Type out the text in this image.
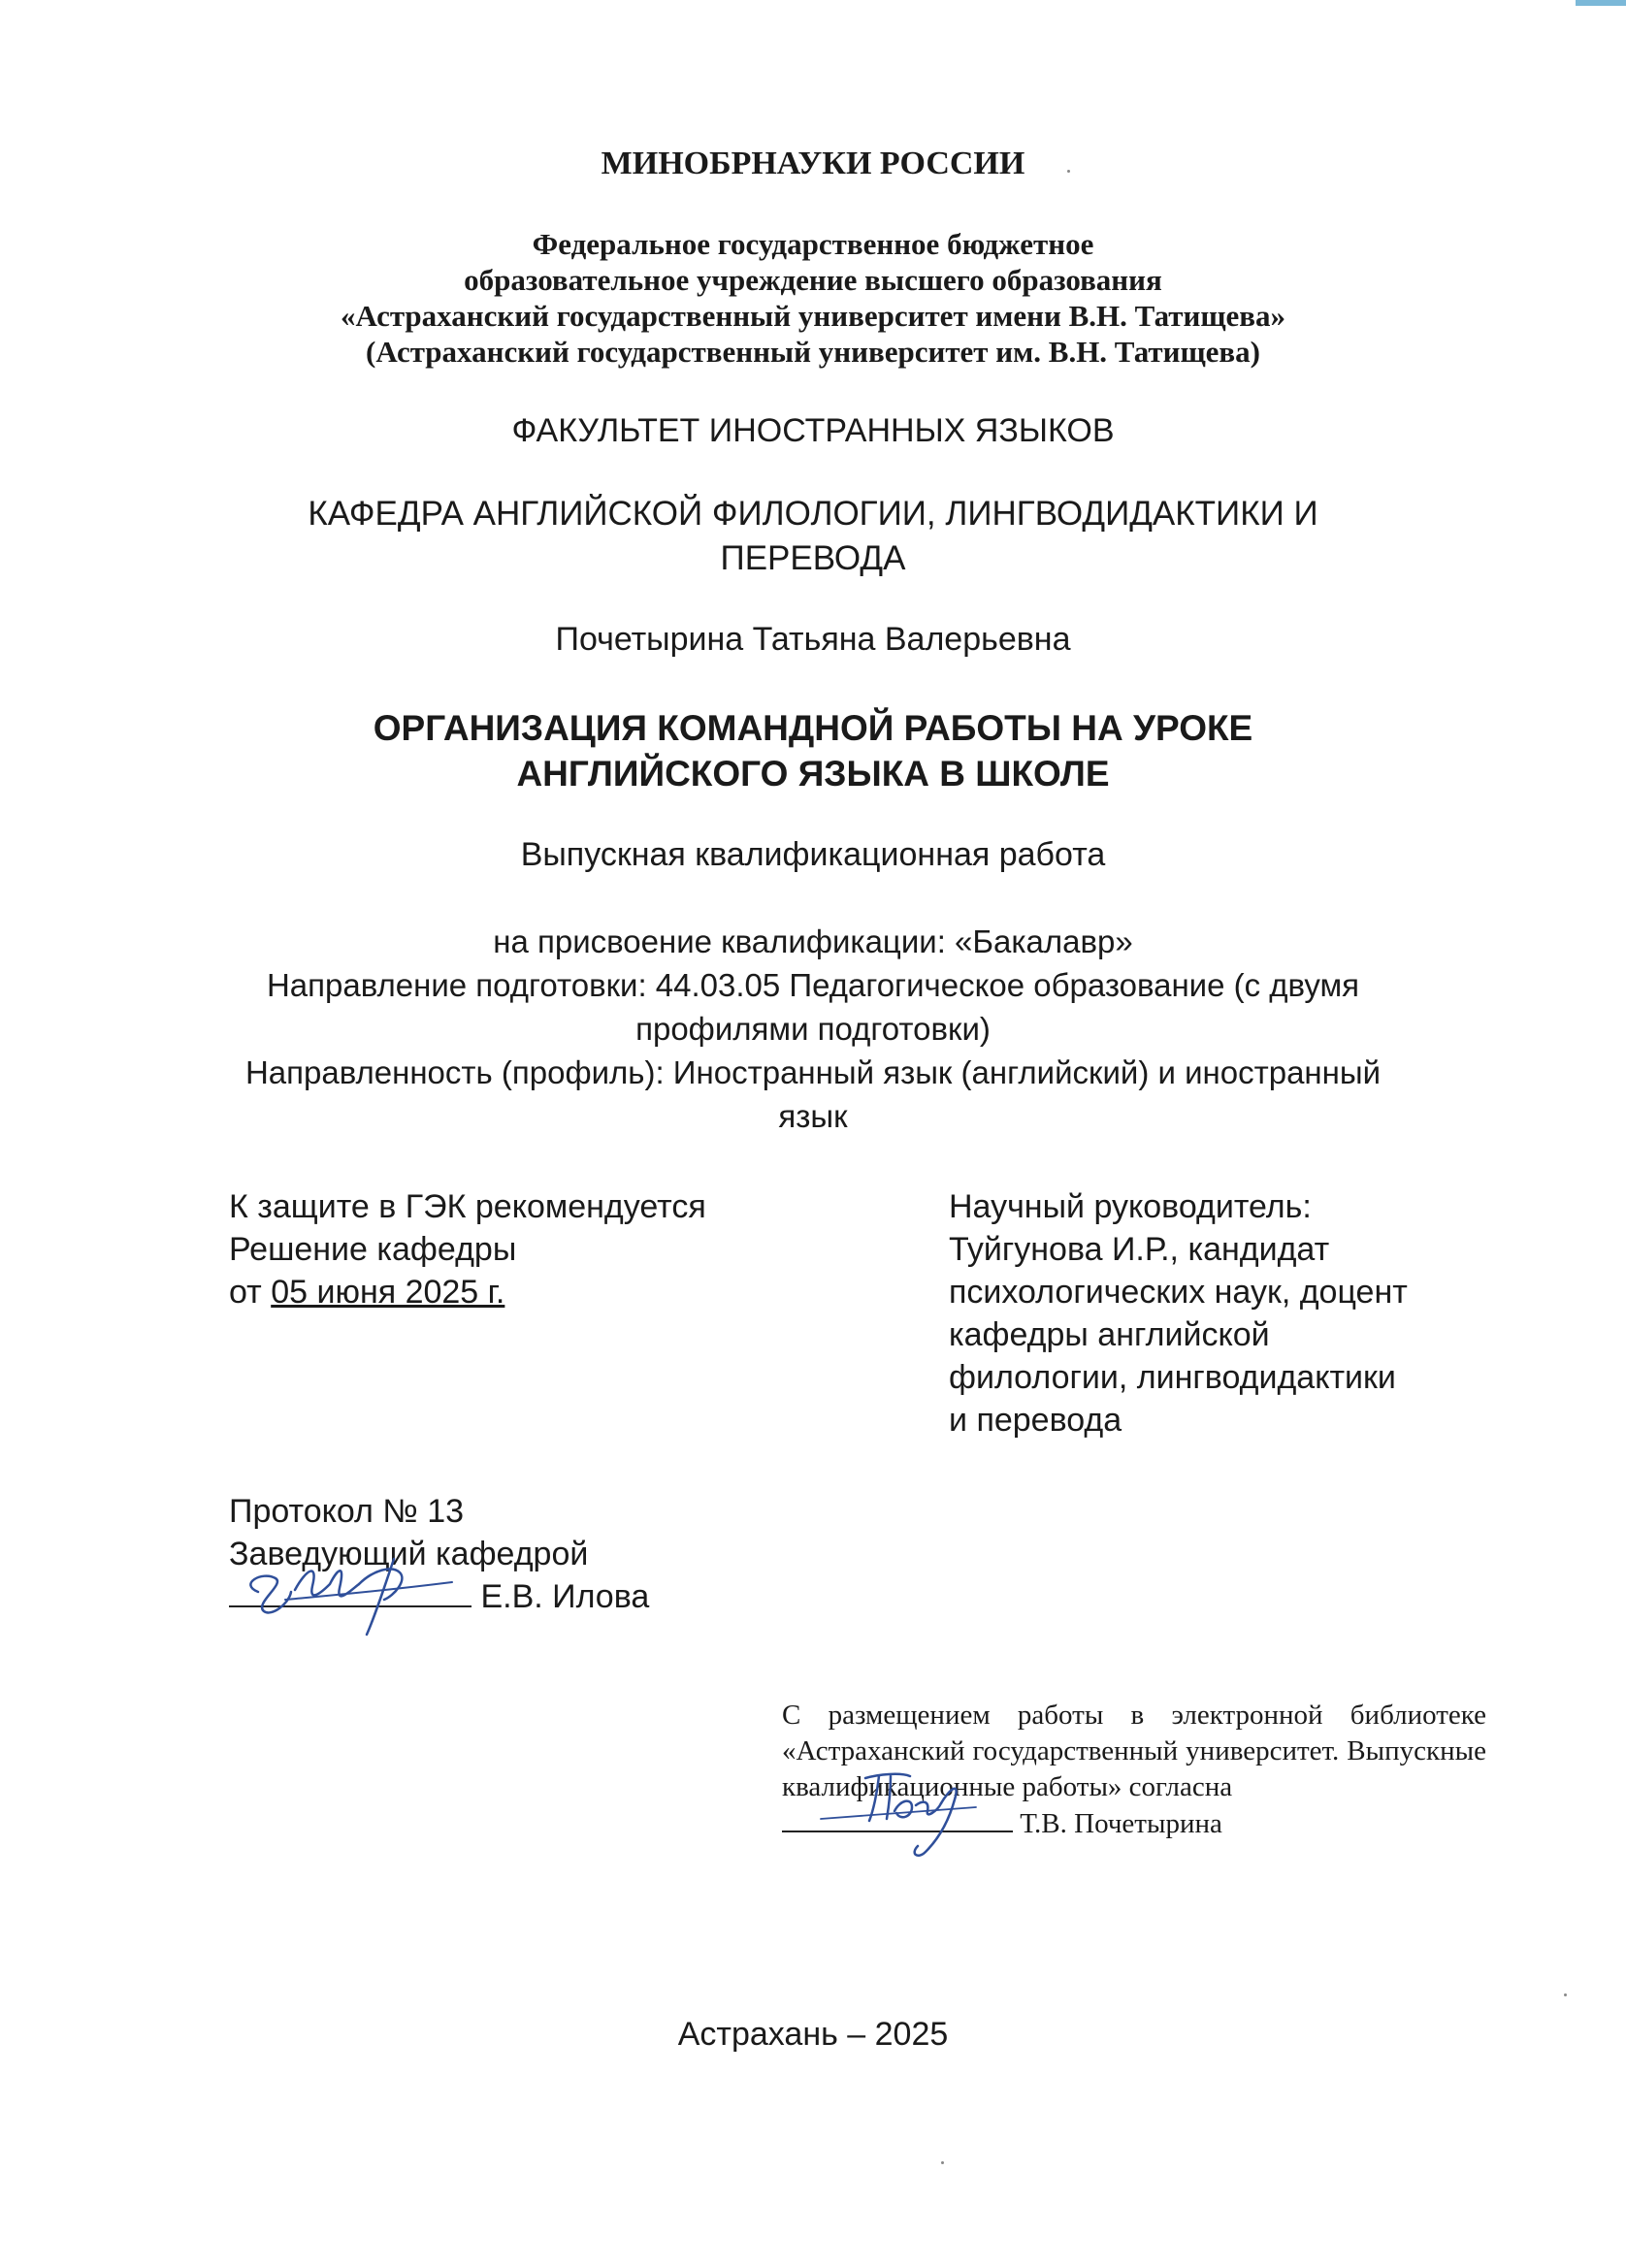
МИНОБРНАУКИ РОССИИ
Федеральное государственное бюджетное
образовательное учреждение высшего образования
«Астраханский государственный университет имени В.Н. Татищева»
(Астраханский государственный университет им. В.Н. Татищева)
ФАКУЛЬТЕТ ИНОСТРАННЫХ ЯЗЫКОВ
КАФЕДРА АНГЛИЙСКОЙ ФИЛОЛОГИИ, ЛИНГВОДИДАКТИКИ И
ПЕРЕВОДА
Почетырина Татьяна Валерьевна
ОРГАНИЗАЦИЯ КОМАНДНОЙ РАБОТЫ НА УРОКЕ
АНГЛИЙСКОГО ЯЗЫКА В ШКОЛЕ
Выпускная квалификационная работа
на присвоение квалификации: «Бакалавр»
Направление подготовки: 44.03.05 Педагогическое образование (с двумя
профилями подготовки)
Направленность (профиль): Иностранный язык (английский) и иностранный
язык
К защите в ГЭК рекомендуется
Решение кафедры
от 05 июня 2025 г.
Научный руководитель:
Туйгунова И.Р., кандидат
психологических наук, доцент
кафедры английской
филологии, лингводидактики
и перевода
Протокол № 13
Заведующий кафедрой
Е.В. Илова
С размещением работы в электронной библиотеке «Астраханский государственный университет. Выпускные квалификационные работы» согласна
Т.В. Почетырина
Астрахань – 2025
